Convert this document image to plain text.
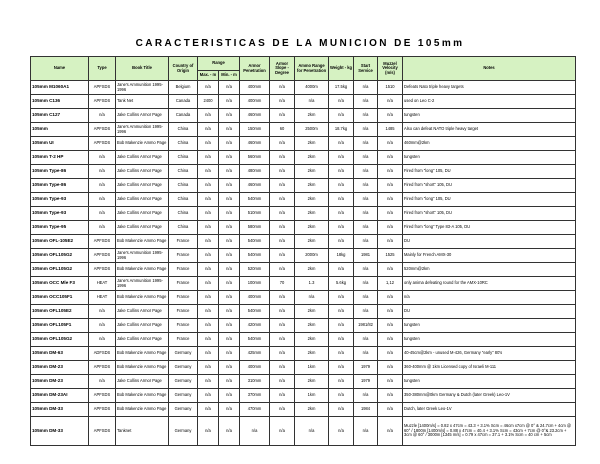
CARACTERISTICAS DE LA MUNICION DE 105mm
Name	Type	Book Title	Country of Origin	Range		Armor Penetration	Armor Slope - Degree	Ammo Range for Penetration	Weight - kg	Start Service	Muzzel Velocity (m/s)	Notes
				Max. - m	Min. - m							
105mm M1060A1	APFSDS	Jane's Ammunition 1995-1996	Belgium	n/a	n/a	400mm	n/a	4000m	17.5kg	n/a	1510	Defeats Nato triple heavy targets
105mm C136	APFSDS	Tank Net	Canada	2400	n/a	400mm	n/a	n/a	n/a	n/a	n/a	used on Leo C-2
105mm C127	n/a	Jake Collins Armor Page	Canada	n/a	n/a	460mm	n/a	2km	n/a	n/a	n/a	tungsten
105mm	APFSDS	Jane's Ammunition 1995-1996	China	n/a	n/a	150mm	60	2500m	18.7kg	n/a	1485	Also can defeat NATO triple heavy target
105mm UI	APFSDS	Bob Makenzie Ammo Page	China	n/a	n/a	460mm	n/a	2km	n/a	n/a	n/a	460mm@2km
105mm T-2 HP	n/a	Jake Collins Armor Page	China	n/a	n/a	560mm	n/a	2km	n/a	n/a	n/a	tungsten
105mm Type-86	n/a	Jake Collins Armor Page	China	n/a	n/a	480mm	n/a	2km	n/a	n/a	n/a	Fired from "long" 105, DU
105mm Type-86	n/a	Jake Collins Armor Page	China	n/a	n/a	460mm	n/a	2km	n/a	n/a	n/a	Fired from "short" 105, DU
105mm Type-93	n/a	Jake Collins Armor Page	China	n/a	n/a	540mm	n/a	2km	n/a	n/a	n/a	Fired from "long" 105, DU
105mm Type-93	n/a	Jake Collins Armor Page	China	n/a	n/a	510mm	n/a	2km	n/a	n/a	n/a	Fired from "short" 105, DU
105mm Type-95	n/a	Jake Collins Armor Page	China	n/a	n/a	580mm	n/a	2km	n/a	n/a	n/a	Fired from "long" Type 83-A 105, DU
105mm OFL-105E2	APFSDS	Bob Makenzie Ammo Page	France	n/a	n/a	540mm	n/a	2km	n/a	n/a	n/a	DU
105mm OFL105G2	APFSDS	Jane's Ammunition 1995-1996	France	n/a	n/a	540mm	n/a	2000m	18kg	1981	1525	Mainly for French AMX-30
105mm OFL105G2	APFSDS	Bob Makenzie Ammo Page	France	n/a	n/a	520mm	n/a	2km	n/a	n/a	n/a	520mm@2km
105mm OCC Mle F3	HEAT	Jane's Ammunition 1995-1996	France	n/a	n/a	100mm	70	1.3	5.6kg	n/a	1,12	only anima defeating round for the AMX-10RC
105mm OCC105F1	HEAT	Bob Makenzie Ammo Page	France	n/a	n/a	400mm	n/a	n/a	n/a	n/a	n/a	n/a
105mm OFL105E2	n/a	Jake Collins Armor Page	France	n/a	n/a	540mm	n/a	2km	n/a	n/a	n/a	DU
105mm OFL105F1	n/a	Jake Collins Armor Page	France	n/a	n/a	420mm	n/a	2km	n/a	1981/82	n/a	tungsten
105mm OFL105G2	n/a	Jake Collins Armor Page	France	n/a	n/a	540mm	n/a	2km	n/a	n/a	n/a	tungsten
105mm DM-63	ADFSDS	Bob Makenzie Ammo Page	Germany	n/a	n/a	425mm	n/a	2km	n/a	n/a	n/a	40-45cm@2km - unused M-426, Germany "early" 80's
105mm DM-23	APFSDS	Bob Makenzie Ammo Page	Germany	n/a	n/a	400mm	n/a	1km	n/a	1979	n/a	360-400mm @ 1km Licensed copy of Israeli M-111
105mm DM-23	n/a	Jake Collins Armor Page	Germany	n/a	n/a	310mm	n/a	2km	n/a	1979	n/a	tungsten
105mm DM-23AI	APFSDS	Bob Makenzie Ammo Page	Germany	n/a	n/a	370mm	n/a	1km	n/a	n/a	n/a	350-380mm@0km Germany & Dutch (later Greek) Leo-1V
105mm DM-33	APFSDS	Bob Makenzie Ammo Page	Germany	n/a	n/a	470mm	n/a	2km	n/a	1984	n/a	Dutch, later Greek Leo-1V
105mm DM-33	APFSDS	Tanknet	Germany	n/a	n/a	n/a	n/a	n/a	n/a	n/a	n/a	Muzzle [1400m/s] = 0.82 x 47cm = 43.3 + 3.1% Scm = 46cm x7cm @ 0° & 24.7cm + 4cm @ 60° / 1800m [1400m/s] = 0.88 x 47cm = 40.4 + 3.1% Scm = 43cm + 7cm @ 0°& 23.2cm + 3cm @ 60° / 3000m [1345 m/s] = 0.79 x 47cm = 37.1 + 3.1% Scm = 40 cm + 5cm
